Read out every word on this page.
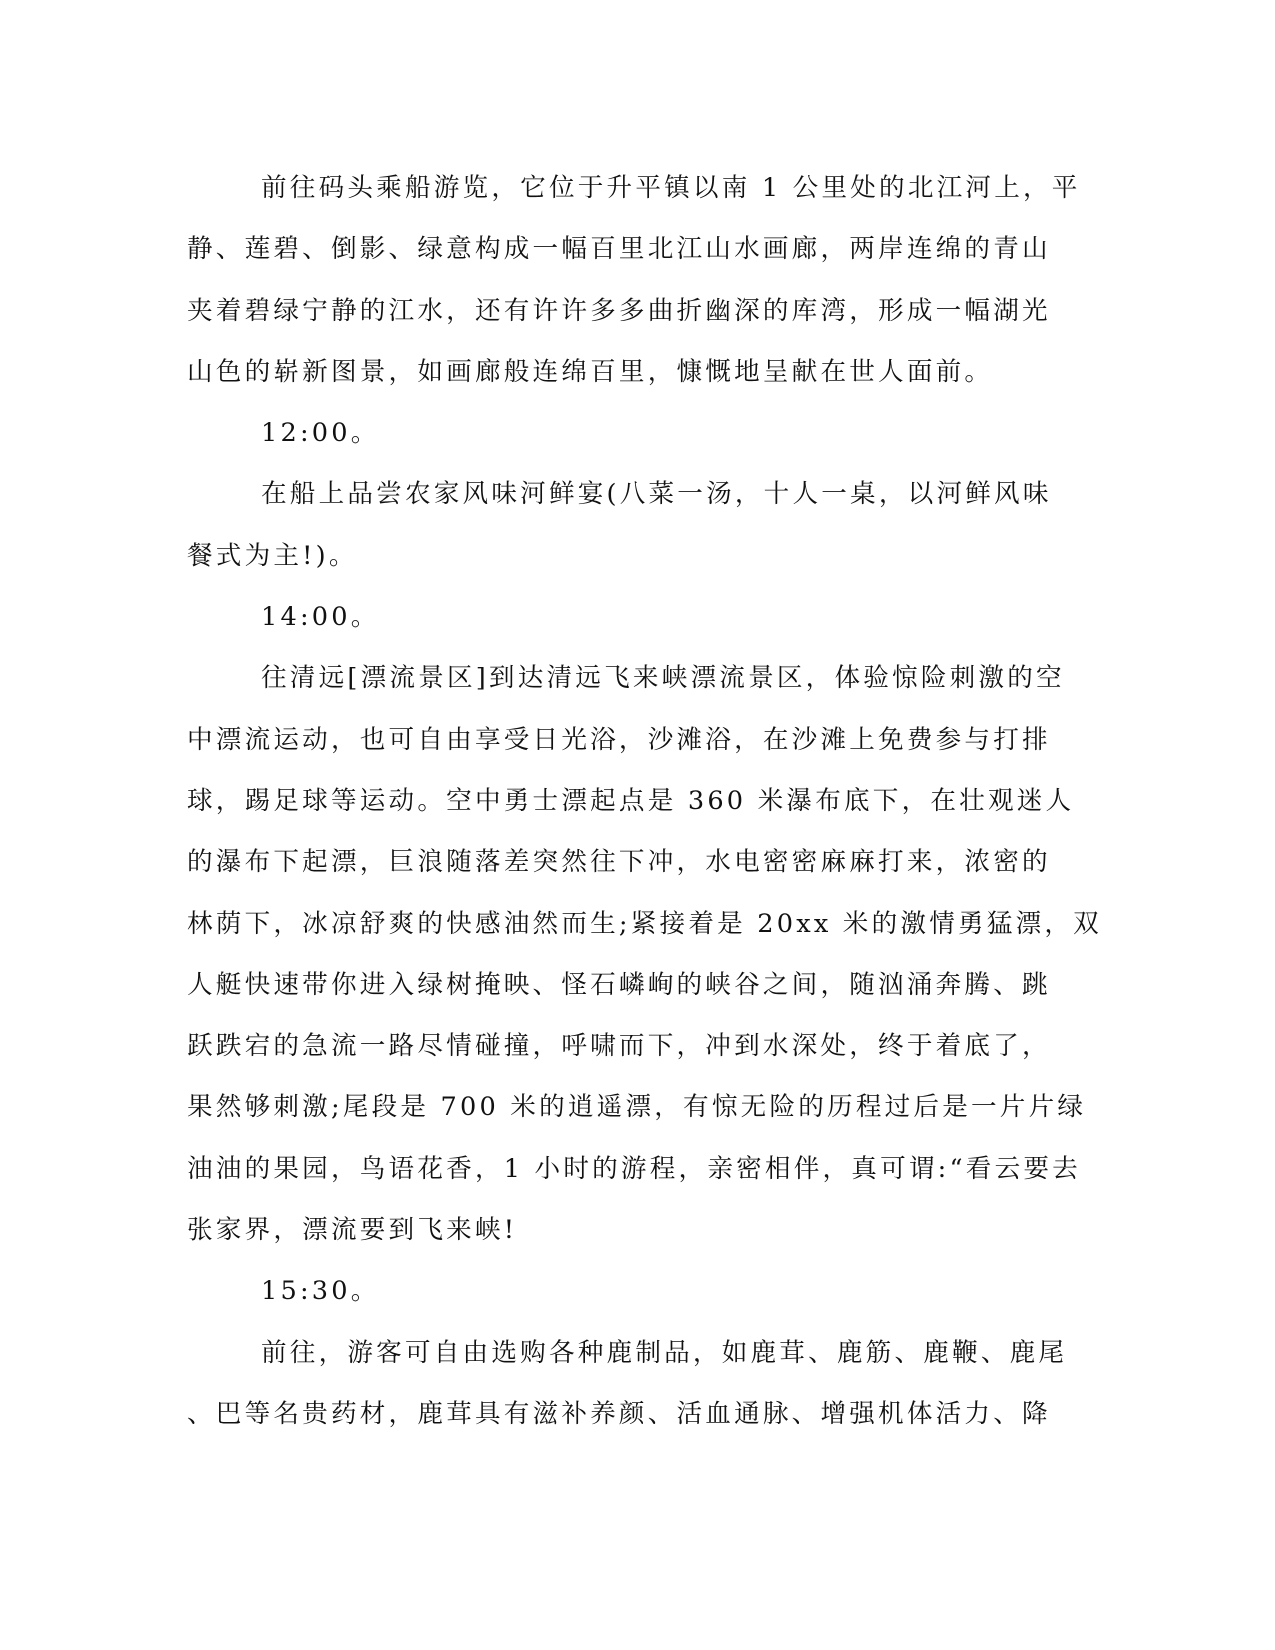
前往码头乘船游览，它位于升平镇以南 1 公里处的北江河上，平

静、莲碧、倒影、绿意构成一幅百里北江山水画廊，两岸连绵的青山

夹着碧绿宁静的江水，还有许许多多曲折幽深的库湾，形成一幅湖光

山色的崭新图景，如画廊般连绵百里，慷慨地呈献在世人面前。

12:00。

在船上品尝农家风味河鲜宴(八菜一汤，十人一桌，以河鲜风味

餐式为主!)。

14:00。

往清远[漂流景区]到达清远飞来峡漂流景区，体验惊险刺激的空

中漂流运动，也可自由享受日光浴，沙滩浴，在沙滩上免费参与打排

球，踢足球等运动。空中勇士漂起点是 360 米瀑布底下，在壮观迷人

的瀑布下起漂，巨浪随落差突然往下冲，水电密密麻麻打来，浓密的

林荫下，冰凉舒爽的快感油然而生;紧接着是 20xx 米的激情勇猛漂，双

人艇快速带你进入绿树掩映、怪石嶙峋的峡谷之间，随汹涌奔腾、跳

跃跌宕的急流一路尽情碰撞，呼啸而下，冲到水深处，终于着底了，

果然够刺激;尾段是 700 米的逍遥漂，有惊无险的历程过后是一片片绿

油油的果园，鸟语花香，1 小时的游程，亲密相伴，真可谓:“看云要去

张家界，漂流要到飞来峡!

15:30。

前往，游客可自由选购各种鹿制品，如鹿茸、鹿筋、鹿鞭、鹿尾

、巴等名贵药材，鹿茸具有滋补养颜、活血通脉、增强机体活力、降
